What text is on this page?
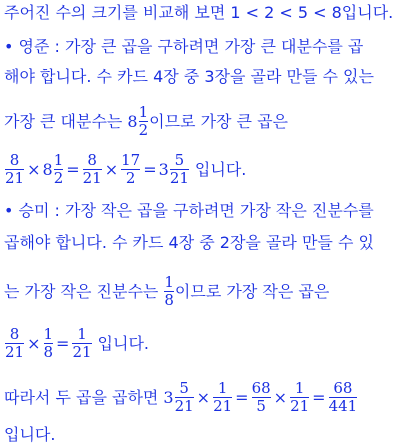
주어진 수의 크기를 비교해 보면 1 < 2 < 5 < 8입니다.
• 영준 : 가장 큰 곱을 구하려면 가장 큰 대분수를 곱
해야 합니다. 수 카드 4장 중 3장을 골라 만들 수 있는
가장 큰 대분수는 $8 \frac{1}{2}$ 이므로 가장 큰 곱은
$\frac{8}{21} \times 8 \frac{1}{2} = \frac{8}{21} \times \frac{17}{2} = 3 \frac{5}{21}$ 입니다.
• 승미 : 가장 작은 곱을 구하려면 가장 작은 진분수를
곱해야 합니다. 수 카드 4장 중 2장을 골라 만들 수 있
는 가장 작은 진분수는 $\frac{1}{8}$ 이므로 가장 작은 곱은
$\frac{8}{21} \times \frac{1}{8} = \frac{1}{21}$ 입니다.
따라서 두 곱을 곱하면 $3 \frac{5}{21} \times \frac{1}{21} = \frac{68}{5} \times \frac{1}{21} = \frac{68}{441}$
입니다.
